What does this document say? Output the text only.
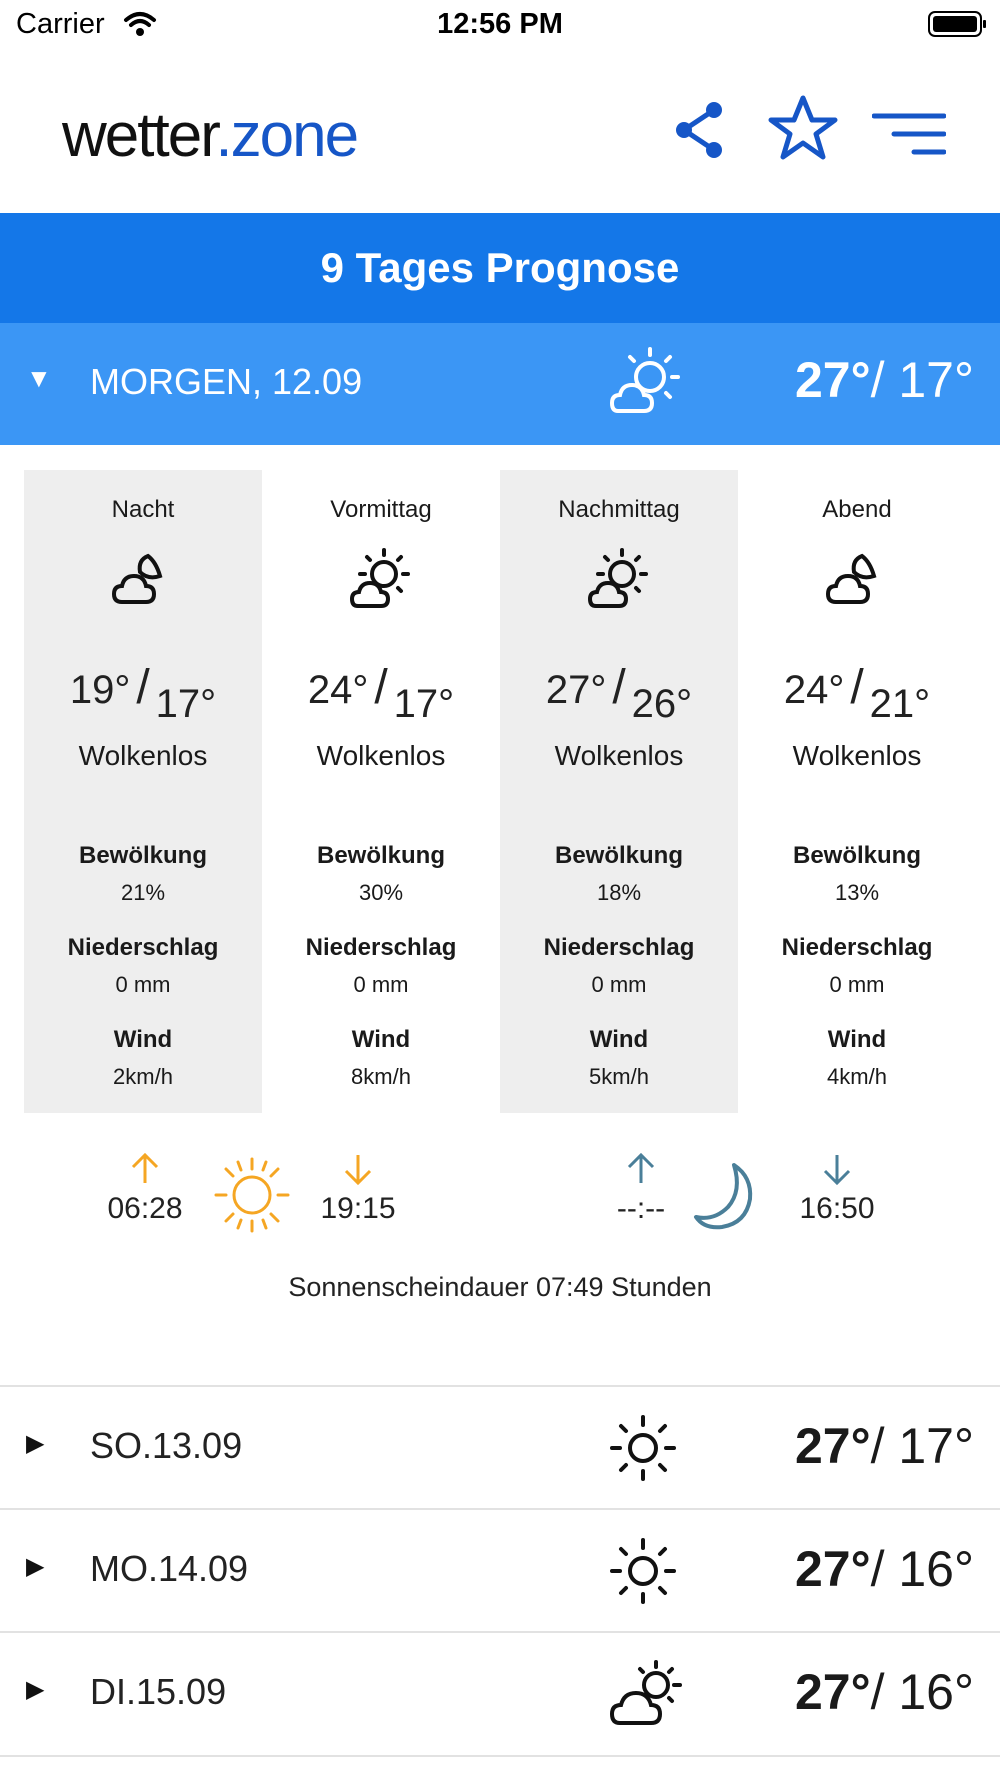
Carrier	12:56 PM
wetter.zone
9 Tages Prognose
▼ MORGEN, 12.09	27°/ 17°
Nacht
19° / 17°
Wolkenlos
Bewölkung
21%
Niederschlag
0 mm
Wind
2km/h
Vormittag
24° / 17°
Wolkenlos
Bewölkung
30%
Niederschlag
0 mm
Wind
8km/h
Nachmittag
27° / 26°
Wolkenlos
Bewölkung
18%
Niederschlag
0 mm
Wind
5km/h
Abend
24° / 21°
Wolkenlos
Bewölkung
13%
Niederschlag
0 mm
Wind
4km/h
06:28	19:15	--:--	16:50
Sonnenscheindauer 07:49 Stunden
▶ SO.13.09	27°/ 17°
▶ MO.14.09	27°/ 16°
▶ DI.15.09	27°/ 16°
